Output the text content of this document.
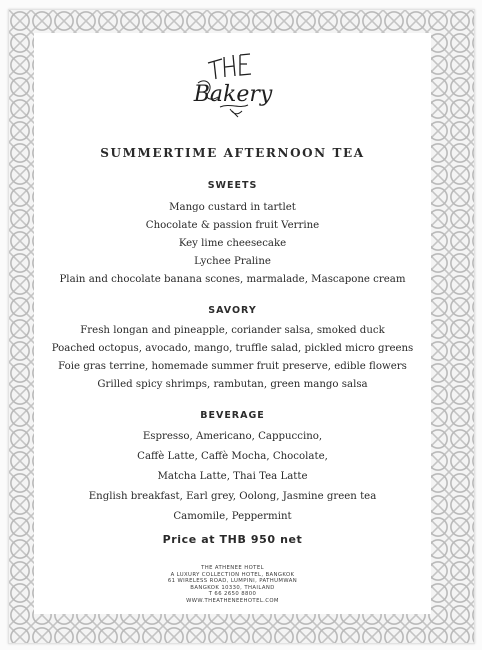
THE
Bakery
SUMMERTIME AFTERNOON TEA
SWEETS
Mango custard in tartlet
Chocolate & passion fruit Verrine
Key lime cheesecake
Lychee Praline
Plain and chocolate banana scones, marmalade, Mascapone cream
SAVORY
Fresh longan and pineapple, coriander salsa, smoked duck
Poached octopus, avocado, mango, truffle salad, pickled micro greens
Foie gras terrine, homemade summer fruit preserve, edible flowers
Grilled spicy shrimps, rambutan, green mango salsa
BEVERAGE
Espresso, Americano, Cappuccino,
Caffè Latte, Caffè Mocha, Chocolate,
Matcha Latte, Thai Tea Latte
English breakfast, Earl grey, Oolong, Jasmine green tea
Camomile, Peppermint
Price at THB 950 net
THE ATHENEE HOTEL
A LUXURY COLLECTION HOTEL, BANGKOK
61 WIRELESS ROAD, LUMPINI, PATHUMWAN
BANGKOK 10330, THAILAND
T 66 2650 8800
WWW.THEATHENEEHOTEL.COM
